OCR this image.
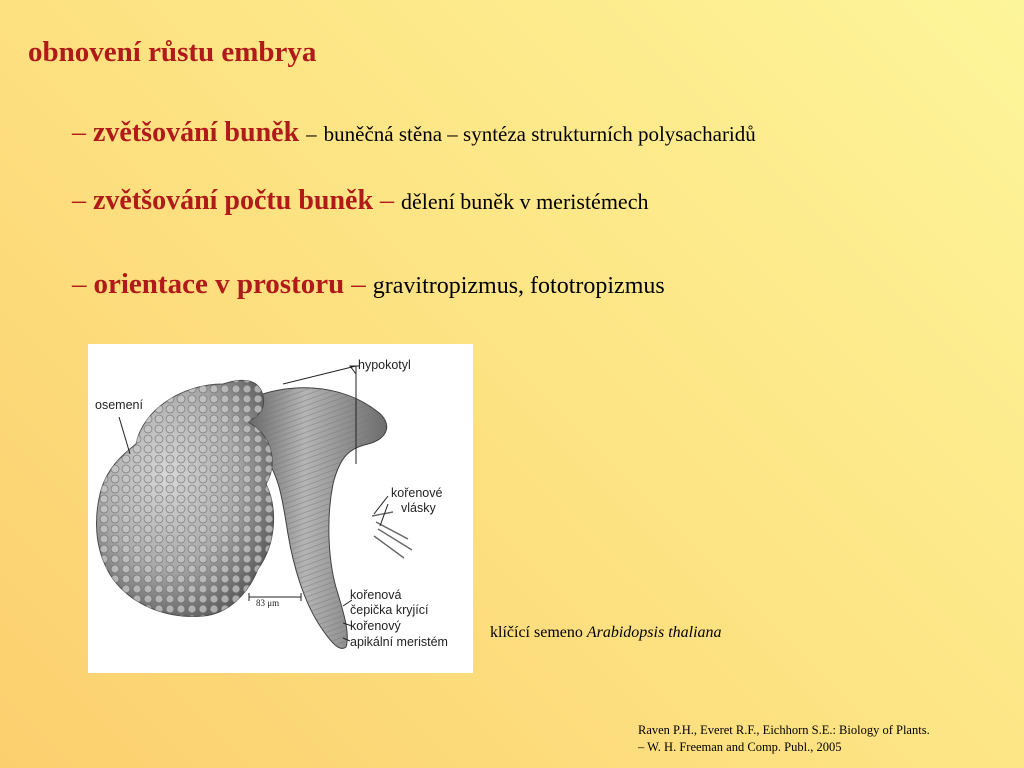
obnovení růstu embrya
– zvětšování buněk – buněčná stěna – syntéza strukturních polysacharidů
– zvětšování počtu buněk – dělení buněk v meristémech
– orientace v prostoru – gravitropizmus, fototropizmus
hypokotyl
osemení
kořenové
vlásky
kořenová
čepička kryjící
kořenový
apikální meristém
83 μm
klíčící semeno Arabidopsis thaliana
Raven P.H., Everet R.F., Eichhorn S.E.: Biology of Plants.
– W. H. Freeman and Comp. Publ., 2005
